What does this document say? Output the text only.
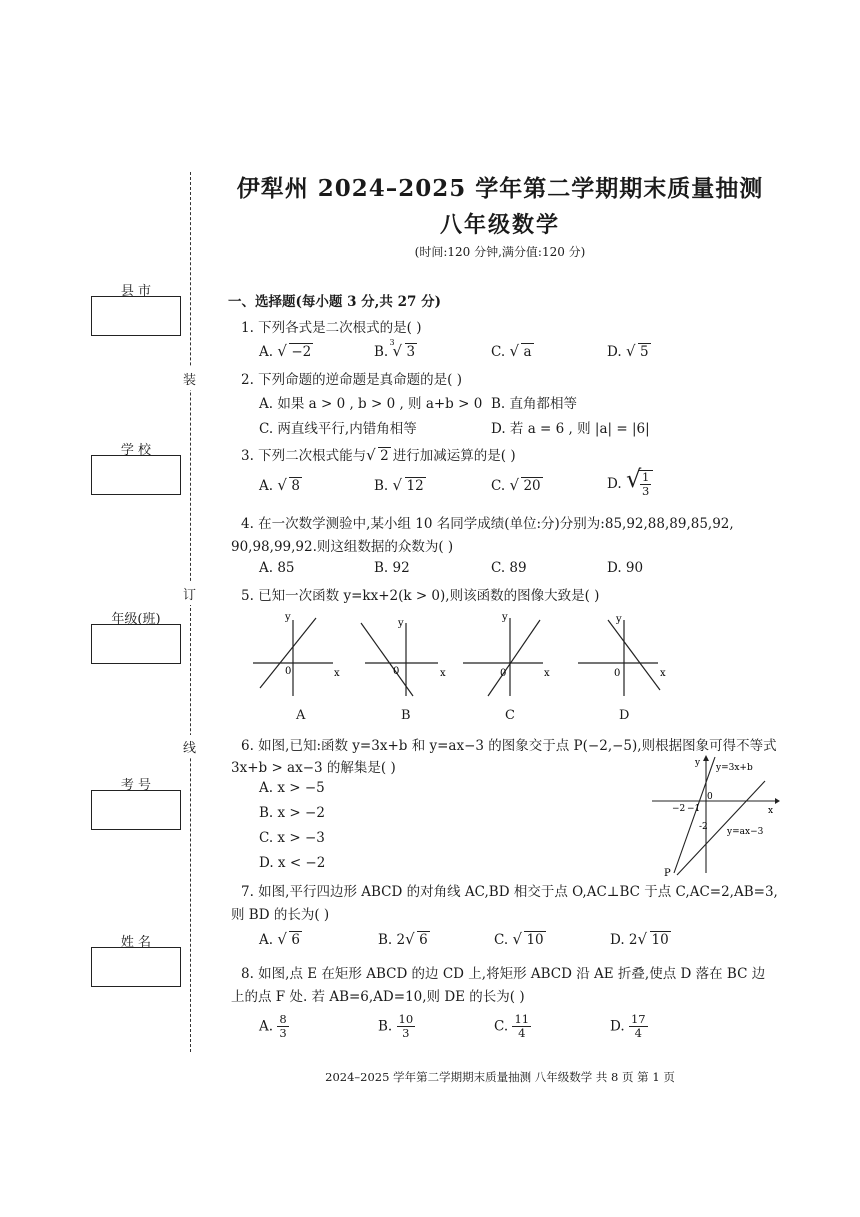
伊犁州 2024–2025 学年第二学期期末质量抽测
八年级数学
(时间:120 分钟,满分值:120 分)
县 市
学 校
年级(班)
考 号
姓 名
装
订
线
一、选择题(每小题 3 分,共 27 分)
1. 下列各式是二次根式的是( )
A. √ −2	B.
3
√ 3	C. √ a	D. √ 5
2. 下列命题的逆命题是真命题的是( )
A. 如果 a > 0 , b > 0 , 则 a+b > 0 B. 直角都相等
C. 两直线平行,内错角相等	D. 若 a = 6 , 则 |a| = |6|
3. 下列二次根式能与 √ 2 进行加减运算的是( )
A. √ 8	B. √ 12	C. √ 20	D. √
$\frac{1}{3}$
4. 在一次数学测验中,某小组 10 名同学成绩(单位:分)分别为:85,92,88,89,85,92,
90,98,99,92.则这组数据的众数为( )
A. 85	B. 92	C. 89	D. 90
5. 已知一次函数 y=kx+2(k > 0),则该函数的图像大致是( )
y
x
0
y
x
0
y
x
0
y
x
0
A	B	C	D
6. 如图,已知:函数 y=3x+b 和 y=ax−3 的图象交于点 P(−2,−5),则根据图象可得不等式
3x+b > ax−3 的解集是( )
A. x > −5
B. x > −2
C. x > −3
D. x < −2
y y=3x+b
x
−2 −1
0
-2 y=ax−3
P
7. 如图,平行四边形 ABCD 的对角线 AC,BD 相交于点 O,AC⊥BC 于点 C,AC=2,AB=3,
则 BD 的长为( )
A. √ 6	B. 2 √ 6	C. √ 10	D. 2 √ 10
8. 如图,点 E 在矩形 ABCD 的边 CD 上,将矩形 ABCD 沿 AE 折叠,使点 D 落在 BC 边
上的点 F 处. 若 AB=6,AD=10,则 DE 的长为( )
A. $\frac{8}{3}$	B. $\frac{10}{3}$	C. $\frac{11}{4}$	D. $\frac{17}{4}$
2024–2025 学年第二学期期末质量抽测 八年级数学 共 8 页 第 1 页
